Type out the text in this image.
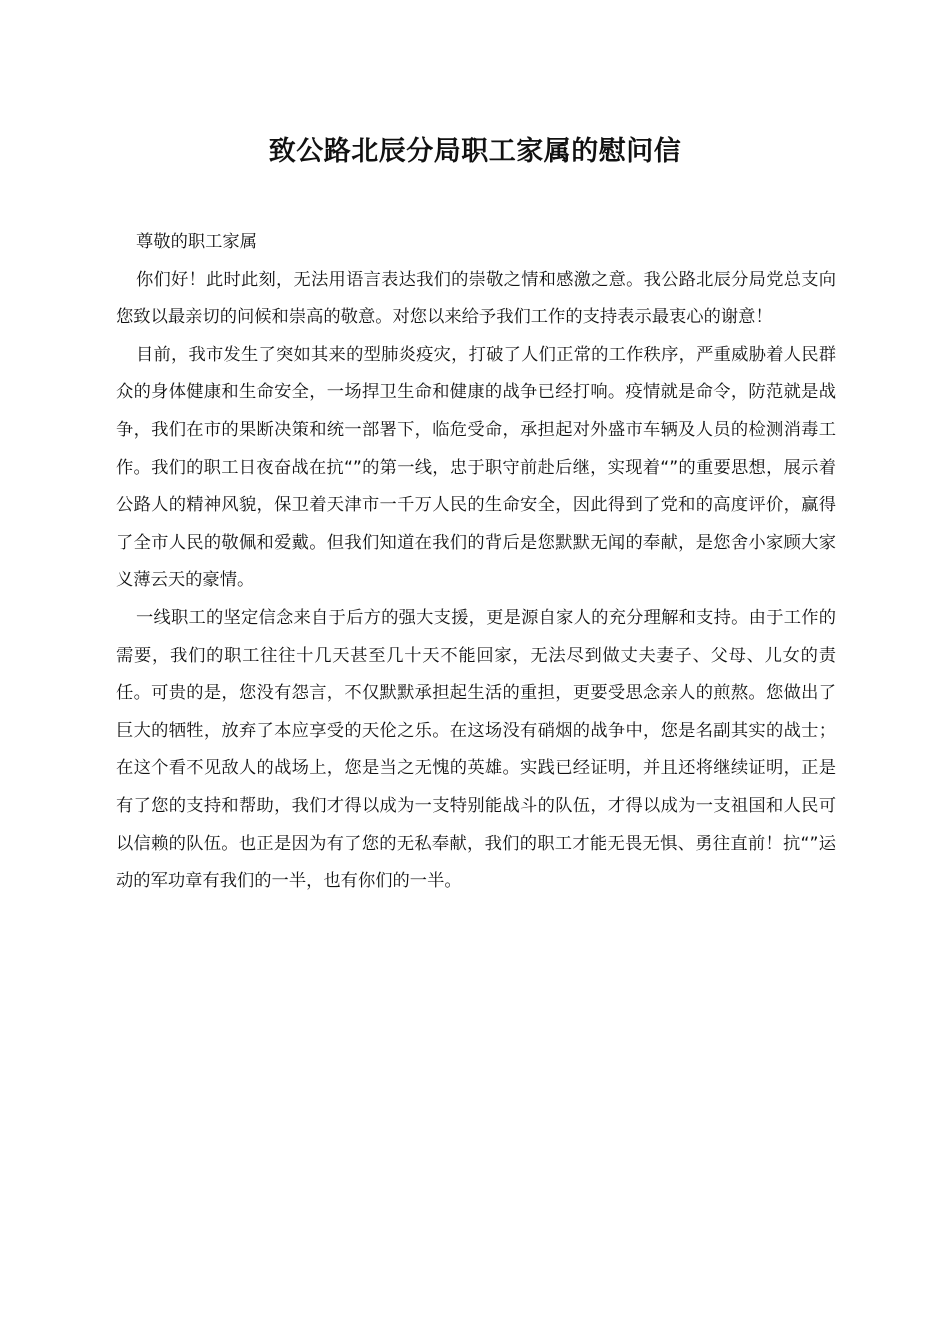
致公路北辰分局职工家属的慰问信

尊敬的职工家属

你们好！此时此刻，无法用语言表达我们的崇敬之情和感激之意。我公路北辰分局党总支向您致以最亲切的问候和崇高的敬意。对您以来给予我们工作的支持表示最衷心的谢意！

目前，我市发生了突如其来的型肺炎疫灾，打破了人们正常的工作秩序，严重威胁着人民群众的身体健康和生命安全，一场捍卫生命和健康的战争已经打响。疫情就是命令，防范就是战争，我们在市的果断决策和统一部署下，临危受命，承担起对外盛市车辆及人员的检测消毒工作。我们的职工日夜奋战在抗“”的第一线，忠于职守前赴后继，实现着“”的重要思想，展示着公路人的精神风貌，保卫着天津市一千万人民的生命安全，因此得到了党和的高度评价，赢得了全市人民的敬佩和爱戴。但我们知道在我们的背后是您默默无闻的奉献，是您舍小家顾大家义薄云天的豪情。

一线职工的坚定信念来自于后方的强大支援，更是源自家人的充分理解和支持。由于工作的需要，我们的职工往往十几天甚至几十天不能回家，无法尽到做丈夫妻子、父母、儿女的责任。可贵的是，您没有怨言，不仅默默承担起生活的重担，更要受思念亲人的煎熬。您做出了巨大的牺牲，放弃了本应享受的天伦之乐。在这场没有硝烟的战争中，您是名副其实的战士；在这个看不见敌人的战场上，您是当之无愧的英雄。实践已经证明，并且还将继续证明，正是有了您的支持和帮助，我们才得以成为一支特别能战斗的队伍，才得以成为一支祖国和人民可以信赖的队伍。也正是因为有了您的无私奉献，我们的职工才能无畏无惧、勇往直前！抗“”运动的军功章有我们的一半，也有你们的一半。
